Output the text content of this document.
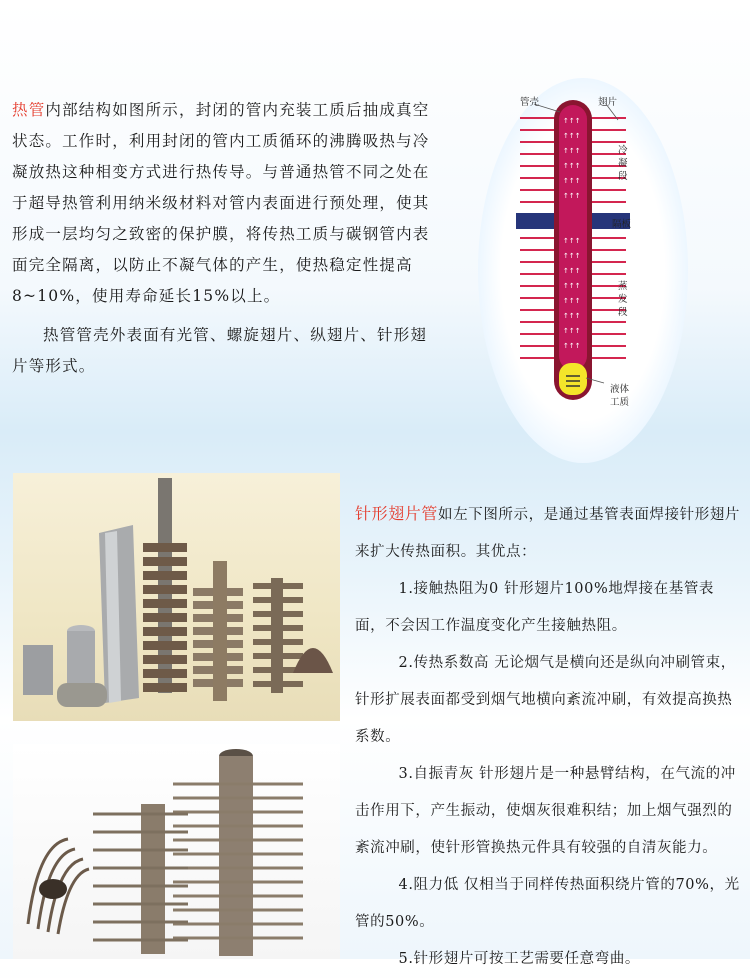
热管内部结构如图所示，封闭的管内充装工质后抽成真空状态。工作时，利用封闭的管内工质循环的沸腾吸热与冷凝放热这种相变方式进行热传导。与普通热管不同之处在于超导热管利用纳米级材料对管内表面进行预处理，使其形成一层均匀之致密的保护膜，将传热工质与碳钢管内表面完全隔离，以防止不凝气体的产生，使热稳定性提高8~10%，使用寿命延长15%以上。

热管管壳外表面有光管、螺旋翅片、纵翅片、针形翅片等形式。

↑↑↑
↑↑↑
↑↑↑
↑↑↑
↑↑↑
↑↑↑
↑↑↑
↑↑↑
↑↑↑
↑↑↑
↑↑↑
↑↑↑
↑↑↑
↑↑↑
管壳	翅片
冷凝段
隔板
蒸发段
液体工质

针形翅片管如左下图所示，是通过基管表面焊接针形翅片来扩大传热面积。其优点：

1.接触热阻为0 针形翅片100%地焊接在基管表面，不会因工作温度变化产生接触热阻。

2.传热系数高 无论烟气是横向还是纵向冲刷管束，针形扩展表面都受到烟气地横向紊流冲刷，有效提高换热系数。

3.自振青灰 针形翅片是一种悬臂结构，在气流的冲击作用下，产生振动，使烟灰很难积结；加上烟气强烈的紊流冲刷，使针形管换热元件具有较强的自清灰能力。

4.阻力低 仅相当于同样传热面积绕片管的70%，光管的50%。

5.针形翅片可按工艺需要任意弯曲。
